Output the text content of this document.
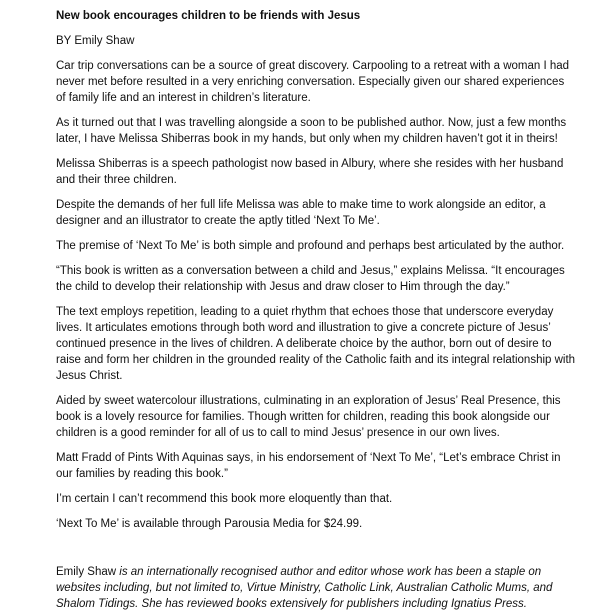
New book encourages children to be friends with Jesus

BY Emily Shaw

Car trip conversations can be a source of great discovery. Carpooling to a retreat with a woman I had never met before resulted in a very enriching conversation. Especially given our shared experiences of family life and an interest in children’s literature.

As it turned out that I was travelling alongside a soon to be published author. Now, just a few months later, I have Melissa Shiberras book in my hands, but only when my children haven’t got it in theirs!

Melissa Shiberras is a speech pathologist now based in Albury, where she resides with her husband and their three children.

Despite the demands of her full life Melissa was able to make time to work alongside an editor, a designer and an illustrator to create the aptly titled ‘Next To Me’.

The premise of ‘Next To Me’ is both simple and profound and perhaps best articulated by the author.

“This book is written as a conversation between a child and Jesus,” explains Melissa. “It encourages the child to develop their relationship with Jesus and draw closer to Him through the day.”

The text employs repetition, leading to a quiet rhythm that echoes those that underscore everyday lives. It articulates emotions through both word and illustration to give a concrete picture of Jesus’ continued presence in the lives of children. A deliberate choice by the author, born out of desire to raise and form her children in the grounded reality of the Catholic faith and its integral relationship with Jesus Christ.

Aided by sweet watercolour illustrations, culminating in an exploration of Jesus’ Real Presence, this book is a lovely resource for families. Though written for children, reading this book alongside our children is a good reminder for all of us to call to mind Jesus’ presence in our own lives.

Matt Fradd of Pints With Aquinas says, in his endorsement of ‘Next To Me’, “Let’s embrace Christ in our families by reading this book.”

I’m certain I can’t recommend this book more eloquently than that.

‘Next To Me’ is available through Parousia Media for $24.99.

Emily Shaw is an internationally recognised author and editor whose work has been a staple on websites including, but not limited to, Virtue Ministry, Catholic Link, Australian Catholic Mums, and Shalom Tidings. She has reviewed books extensively for publishers including Ignatius Press.
